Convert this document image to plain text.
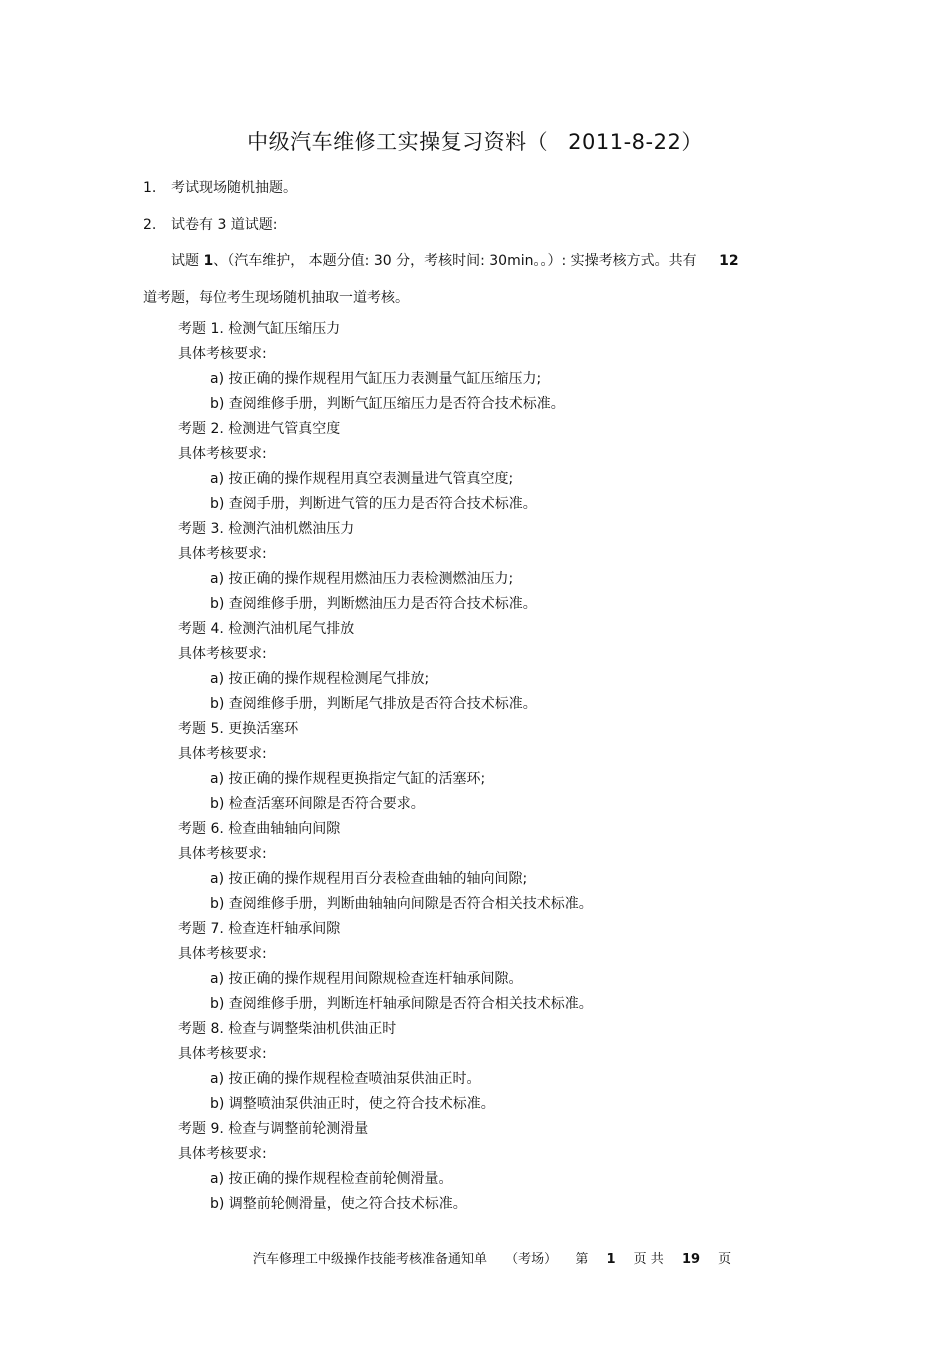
中级汽车维修工实操复习资料（ 2011-8-22）
1. 考试现场随机抽题。
2. 试卷有 3 道试题:
试题 1、（汽车维护， 本题分值: 30 分，考核时间: 30min。。）: 实操考核方式。共有 12
道考题，每位考生现场随机抽取一道考核。
考题 1. 检测气缸压缩压力
具体考核要求:
a) 按正确的操作规程用气缸压力表测量气缸压缩压力;
b) 查阅维修手册，判断气缸压缩压力是否符合技术标准。
考题 2. 检测进气管真空度
具体考核要求:
a) 按正确的操作规程用真空表测量进气管真空度;
b) 查阅手册，判断进气管的压力是否符合技术标准。
考题 3. 检测汽油机燃油压力
具体考核要求:
a) 按正确的操作规程用燃油压力表检测燃油压力;
b) 查阅维修手册，判断燃油压力是否符合技术标准。
考题 4. 检测汽油机尾气排放
具体考核要求:
a) 按正确的操作规程检测尾气排放;
b) 查阅维修手册，判断尾气排放是否符合技术标准。
考题 5. 更换活塞环
具体考核要求:
a) 按正确的操作规程更换指定气缸的活塞环;
b) 检查活塞环间隙是否符合要求。
考题 6. 检查曲轴轴向间隙
具体考核要求:
a) 按正确的操作规程用百分表检查曲轴的轴向间隙;
b) 查阅维修手册，判断曲轴轴向间隙是否符合相关技术标准。
考题 7. 检查连杆轴承间隙
具体考核要求:
a) 按正确的操作规程用间隙规检查连杆轴承间隙。
b) 查阅维修手册，判断连杆轴承间隙是否符合相关技术标准。
考题 8. 检查与调整柴油机供油正时
具体考核要求:
a) 按正确的操作规程检查喷油泵供油正时。
b) 调整喷油泵供油正时，使之符合技术标准。
考题 9. 检查与调整前轮测滑量
具体考核要求:
a) 按正确的操作规程检查前轮侧滑量。
b) 调整前轮侧滑量，使之符合技术标准。
汽车修理工中级操作技能考核准备通知单 （考场） 第 1 页 共 19 页
